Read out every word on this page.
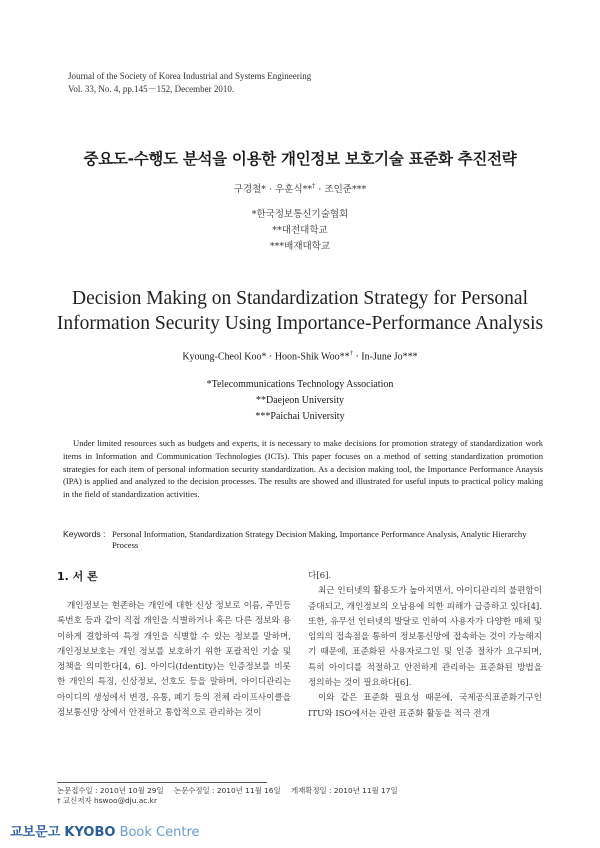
Journal of the Society of Korea Industrial and Systems Engineering
Vol. 33, No. 4, pp.145－152, December 2010.
중요도-수행도 분석을 이용한 개인정보 보호기술 표준화 추진전략
구경철* · 우훈식**† · 조인준***
*한국정보통신기술협회
**대전대학교
***배재대학교
Decision Making on Standardization Strategy for Personal
Information Security Using Importance-Performance Analysis
Kyoung-Cheol Koo* · Hoon-Shik Woo**† · In-June Jo***
*Telecommunications Technology Association
**Daejeon University
***Paichai University
Under limited resources such as budgets and experts, it is necessary to make decisions for promotion strategy of standardization work items in Information and Communication Technologies (ICTs). This paper focuses on a method of setting standardization promotion strategies for each item of personal information security standardization. As a decision making tool, the Importance Performance Anaysis (IPA) is applied and analyzed to the decision processes. The results are showed and illustrated for useful inputs to practical policy making in the field of standardization activities.
Keywords : Personal Information, Standardization Strategy Decision Making, Importance Performance Analysis, Analytic Hierarchy Process
1. 서 론
개인정보는 현존하는 개인에 대한 신상 정보로 이름, 주민등록번호 등과 같이 직접 개인을 식별하거나 혹은 다른 정보와 용이하게 결합하여 특정 개인을 식별할 수 있는 정보를 말하며, 개인정보보호는 개인 정보를 보호하기 위한 포괄적인 기술 및 정책을 의미한다[4, 6]. 아이디(Identity)는 인증정보를 비롯한 개인의 특징, 신상정보, 선호도 등을 말하며, 아이디관리는 아이디의 생성에서 변경, 유통, 폐기 등의 전체 라이프사이클을 정보통신망 상에서 안전하고 통합적으로 관리하는 것이

다[6].

최근 인터넷의 활용도가 높아지면서, 아이디관리의 불편함이 증대되고, 개인정보의 오남용에 의한 피해가 급증하고 있다[4]. 또한, 유무선 인터넷의 발달로 인하여 사용자가 다양한 매체 및 임의의 접속점을 통하여 정보통신망에 접속하는 것이 가능해지기 때문에, 표준화된 사용자로그인 및 인증 절차가 요구되며, 특히 아이디를 적절하고 안전하게 관리하는 표준화된 방법을 정의하는 것이 필요하다[6].

이와 같은 표준화 필요성 때문에, 국제공식표준화기구인 ITU와 ISO에서는 관련 표준화 활동을 적극 전개

논문접수일 : 2010년 10월 29일 논문수정일 : 2010년 11월 16일 게재확정일 : 2010년 11월 17일
† 교신저자 hswoo@dju.ac.kr
교보문고 KYOBO Book Centre
